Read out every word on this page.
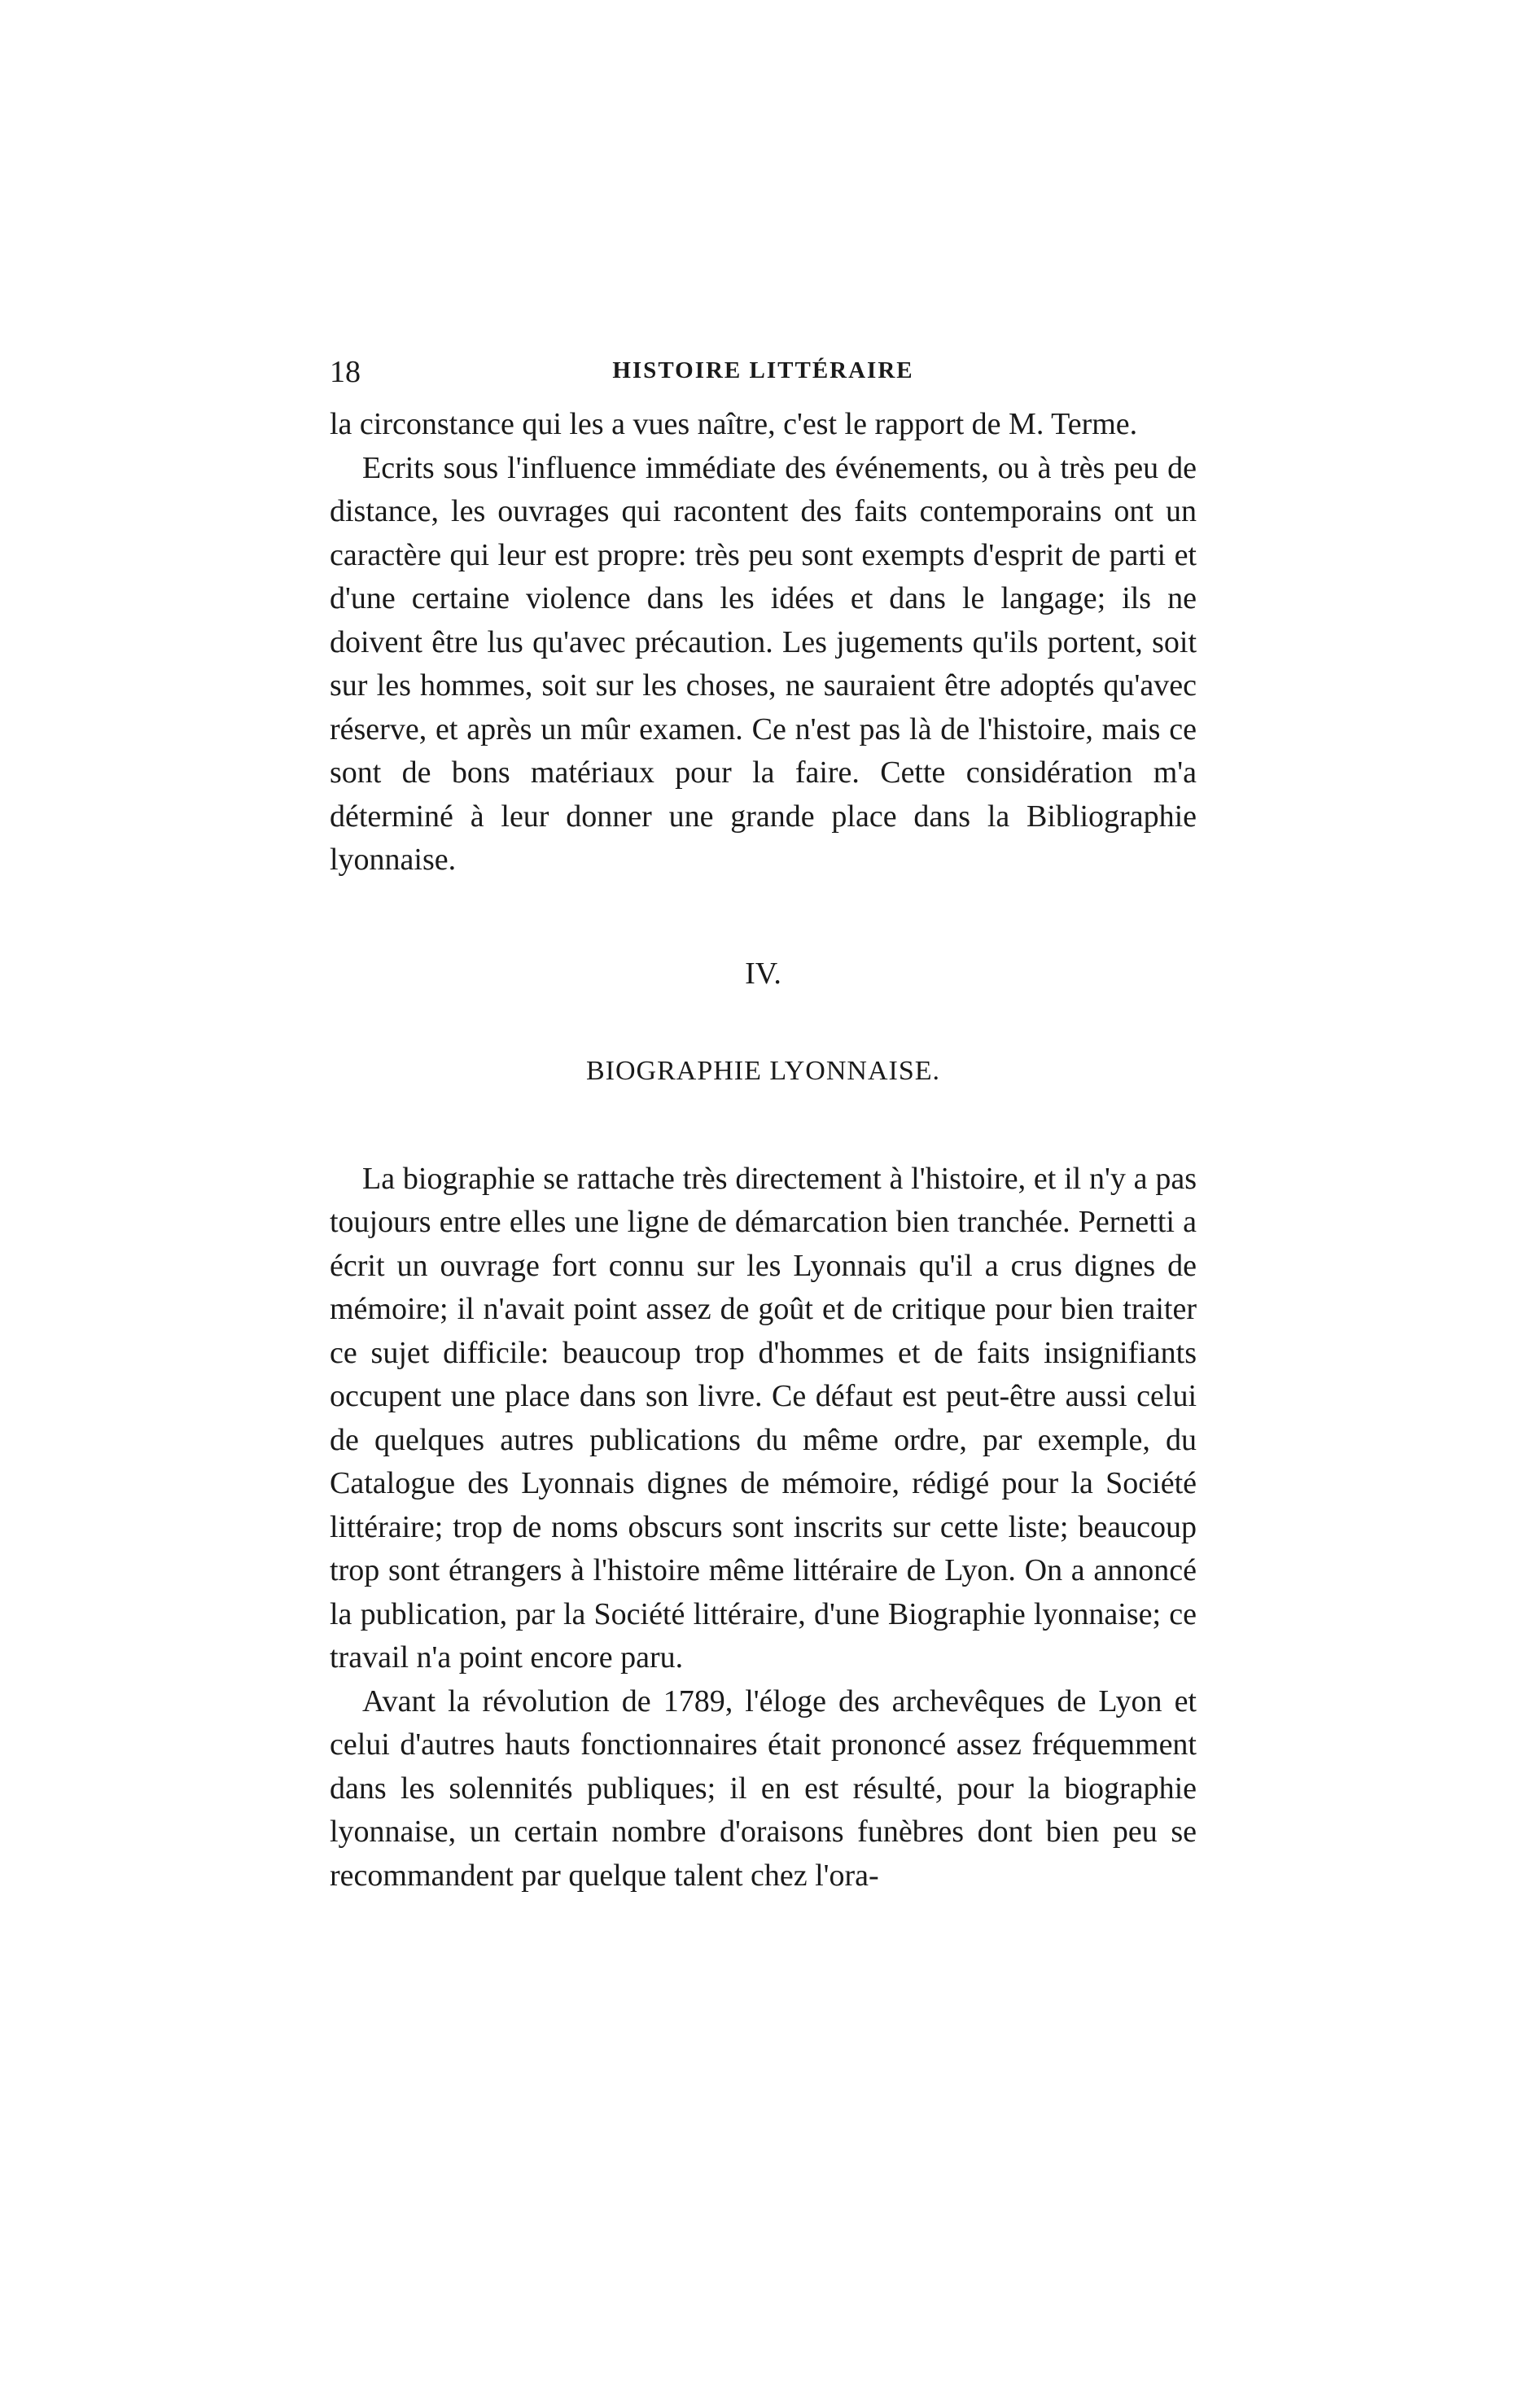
18	HISTOIRE LITTÉRAIRE

la circonstance qui les a vues naître, c'est le rapport de M. Terme.

Ecrits sous l'influence immédiate des événements, ou à très peu de distance, les ouvrages qui racontent des faits contemporains ont un caractère qui leur est propre: très peu sont exempts d'esprit de parti et d'une certaine violence dans les idées et dans le langage; ils ne doivent être lus qu'avec précaution. Les jugements qu'ils portent, soit sur les hommes, soit sur les choses, ne sauraient être adoptés qu'avec réserve, et après un mûr examen. Ce n'est pas là de l'histoire, mais ce sont de bons matériaux pour la faire. Cette considération m'a déterminé à leur donner une grande place dans la Bibliographie lyonnaise.

IV.
BIOGRAPHIE LYONNAISE.

La biographie se rattache très directement à l'histoire, et il n'y a pas toujours entre elles une ligne de démarcation bien tranchée. Pernetti a écrit un ouvrage fort connu sur les Lyonnais qu'il a crus dignes de mémoire; il n'avait point assez de goût et de critique pour bien traiter ce sujet difficile: beaucoup trop d'hommes et de faits insignifiants occupent une place dans son livre. Ce défaut est peut-être aussi celui de quelques autres publications du même ordre, par exemple, du Catalogue des Lyonnais dignes de mémoire, rédigé pour la Société littéraire; trop de noms obscurs sont inscrits sur cette liste; beaucoup trop sont étrangers à l'histoire même littéraire de Lyon. On a annoncé la publication, par la Société littéraire, d'une Biographie lyonnaise; ce travail n'a point encore paru.

Avant la révolution de 1789, l'éloge des archevêques de Lyon et celui d'autres hauts fonctionnaires était prononcé assez fréquemment dans les solennités publiques; il en est résulté, pour la biographie lyonnaise, un certain nombre d'oraisons funèbres dont bien peu se recommandent par quelque talent chez l'ora-
